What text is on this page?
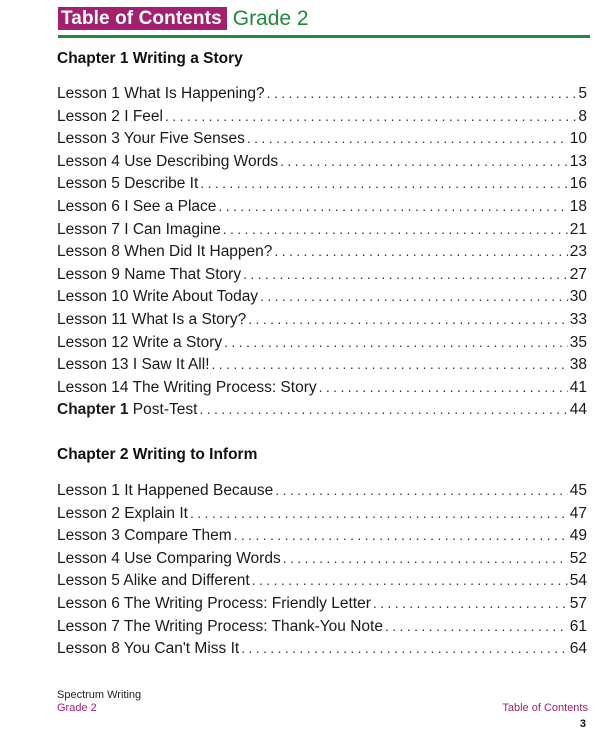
Table of Contents Grade 2
Chapter 1 Writing a Story
Lesson 1 What Is Happening? . . .	5
Lesson 2 I Feel . . .	8
Lesson 3 Your Five Senses . . .	10
Lesson 4 Use Describing Words . . .	13
Lesson 5 Describe It . . .	16
Lesson 6 I See a Place . . .	18
Lesson 7 I Can Imagine . . .	21
Lesson 8 When Did It Happen? . . .	23
Lesson 9 Name That Story . . .	27
Lesson 10 Write About Today . . .	30
Lesson 11 What Is a Story? . . .	33
Lesson 12 Write a Story . . .	35
Lesson 13 I Saw It All! . . .	38
Lesson 14 The Writing Process: Story . . .	41
Chapter 1 Post-Test . . .	44
Chapter 2 Writing to Inform
Lesson 1 It Happened Because . . .	45
Lesson 2 Explain It . . .	47
Lesson 3 Compare Them . . .	49
Lesson 4 Use Comparing Words . . .	52
Lesson 5 Alike and Different . . .	54
Lesson 6 The Writing Process: Friendly Letter . . .	57
Lesson 7 The Writing Process: Thank-You Note . . .	61
Lesson 8 You Can't Miss It . . .	64
Spectrum Writing
Grade 2	Table of Contents
3
